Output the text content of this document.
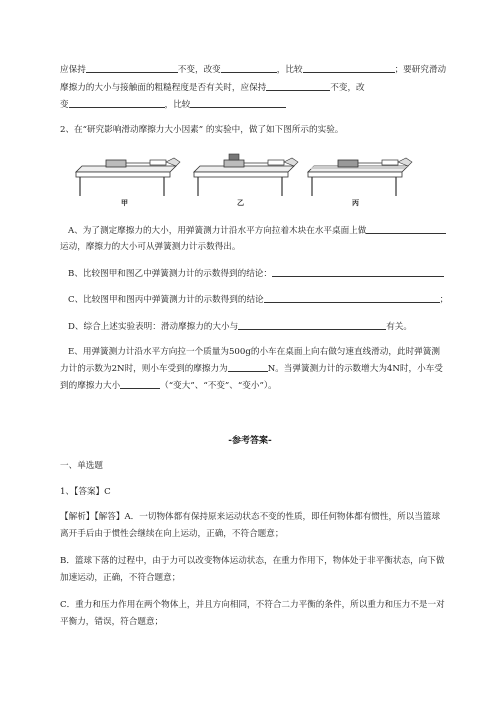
应保持	不变，改变	，比较	；要研究滑动
摩擦力的大小与接触面的粗糙程度是否有关时，应保持	不变，改
变	，比较
2、在“研究影响滑动摩擦力大小因素” 的实验中，做了如下图所示的实验。
甲	乙	丙
A、为了测定摩擦力的大小，用弹簧测力计沿水平方向拉着木块在水平桌面上做
运动，摩擦力的大小可从弹簧测力计示数得出。
B、比较图甲和图乙中弹簧测力计的示数得到的结论：
C、比较图甲和图丙中弹簧测力计的示数得到的结论	；
D、综合上述实验表明：滑动摩擦力的大小与	有关。
E、用弹簧测力计沿水平方向拉一个质量为500g的小车在桌面上向右做匀速直线滑动，此时弹簧测
力计的示数为2N时，则小车受到的摩擦力为	N。当弹簧测力计的示数增大为4N时，小车受
到的摩擦力大小	（“变大”、“不变”、“变小”）。
-参考答案-
一、单选题
1、【答案】C
【解析】【解答】A．一切物体都有保持原来运动状态不变的性质，即任何物体都有惯性，所以当篮球
离开手后由于惯性会继续在向上运动，正确，不符合题意；
B．篮球下落的过程中，由于力可以改变物体运动状态，在重力作用下，物体处于非平衡状态，向下做
加速运动，正确，不符合题意；
C．重力和压力作用在两个物体上，并且方向相同，不符合二力平衡的条件，所以重力和压力不是一对
平衡力，错误，符合题意；
